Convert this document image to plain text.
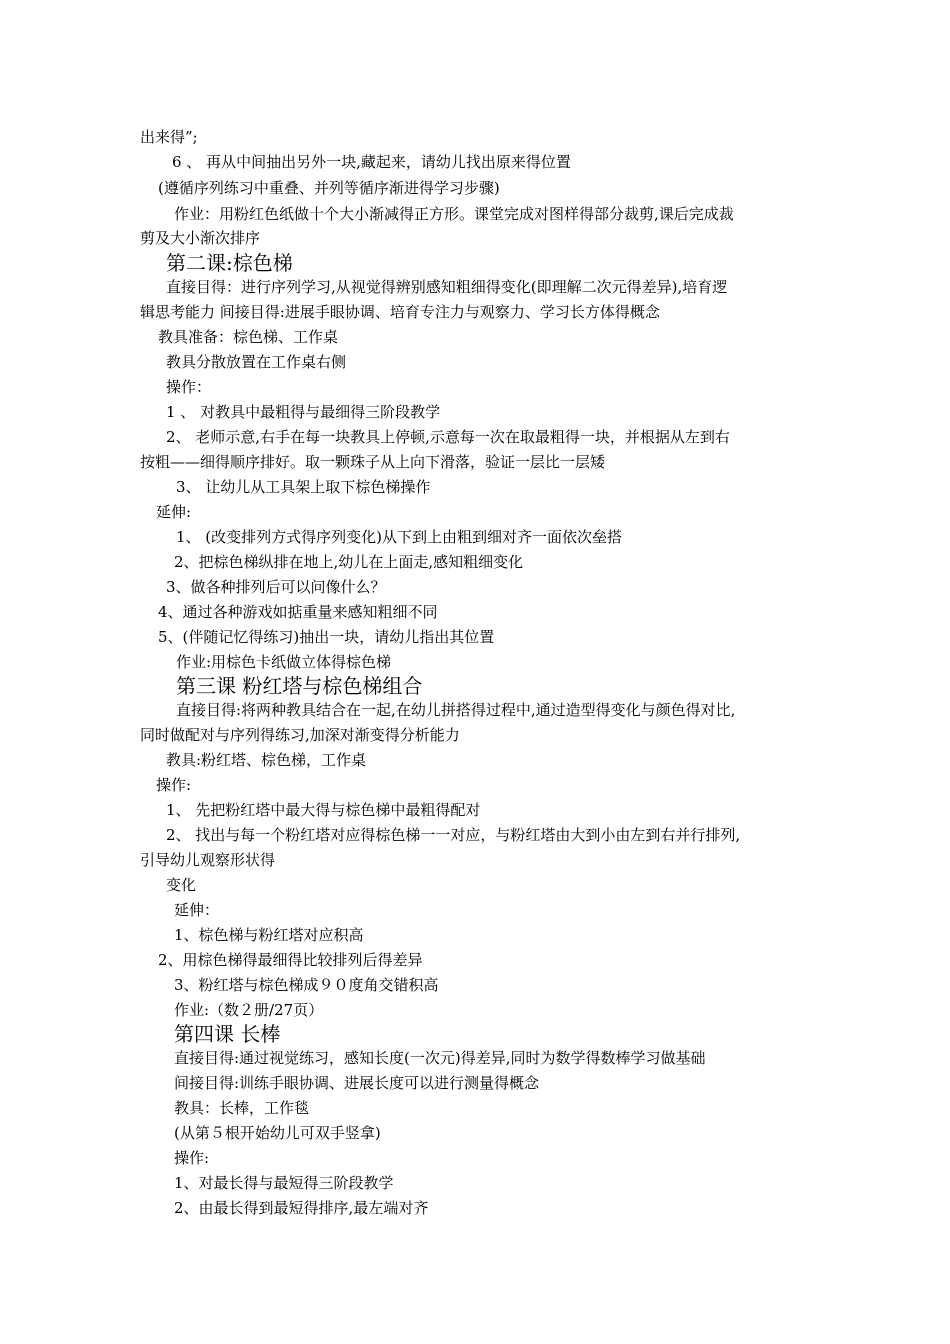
出来得”;
6 、 再从中间抽出另外一块,藏起来，请幼儿找出原来得位置
(遵循序列练习中重叠、并列等循序渐进得学习步骤)
作业：用粉红色纸做十个大小渐减得正方形。课堂完成对图样得部分裁剪,课后完成裁
剪及大小渐次排序
第二课:棕色梯
直接目得：进行序列学习,从视觉得辨别感知粗细得变化(即理解二次元得差异),培育逻
辑思考能力 间接目得:进展手眼协调、培育专注力与观察力、学习长方体得概念
教具准备：棕色梯、工作桌
教具分散放置在工作桌右侧
操作：
1 、 对教具中最粗得与最细得三阶段教学
2、 老师示意,右手在每一块教具上停顿,示意每一次在取最粗得一块，并根据从左到右
按粗——细得顺序排好。取一颗珠子从上向下滑落，验证一层比一层矮
3、 让幼儿从工具架上取下棕色梯操作
延伸:
1、 (改变排列方式得序列变化)从下到上由粗到细对齐一面依次垒搭
2、把棕色梯纵排在地上,幼儿在上面走,感知粗细变化
3、做各种排列后可以问像什么？
4、通过各种游戏如掂重量来感知粗细不同
5、(伴随记忆得练习)抽出一块，请幼儿指出其位置
作业:用棕色卡纸做立体得棕色梯
第三课 粉红塔与棕色梯组合
直接目得:将两种教具结合在一起,在幼儿拼搭得过程中,通过造型得变化与颜色得对比,
同时做配对与序列得练习,加深对渐变得分析能力
教具:粉红塔、棕色梯，工作桌
操作:
1、 先把粉红塔中最大得与棕色梯中最粗得配对
2、 找出与每一个粉红塔对应得棕色梯一一对应，与粉红塔由大到小由左到右并行排列,
引导幼儿观察形状得
变化
延伸：
1、棕色梯与粉红塔对应积高
2、用棕色梯得最细得比较排列后得差异
3、粉红塔与棕色梯成９０度角交错积高
作业:（数２册/27页）
第四课 长棒
直接目得:通过视觉练习，感知长度(一次元)得差异,同时为数学得数棒学习做基础
间接目得:训练手眼协调、进展长度可以进行测量得概念
教具：长棒，工作毯
(从第５根开始幼儿可双手竖拿)
操作:
1、对最长得与最短得三阶段教学
2、由最长得到最短得排序,最左端对齐
